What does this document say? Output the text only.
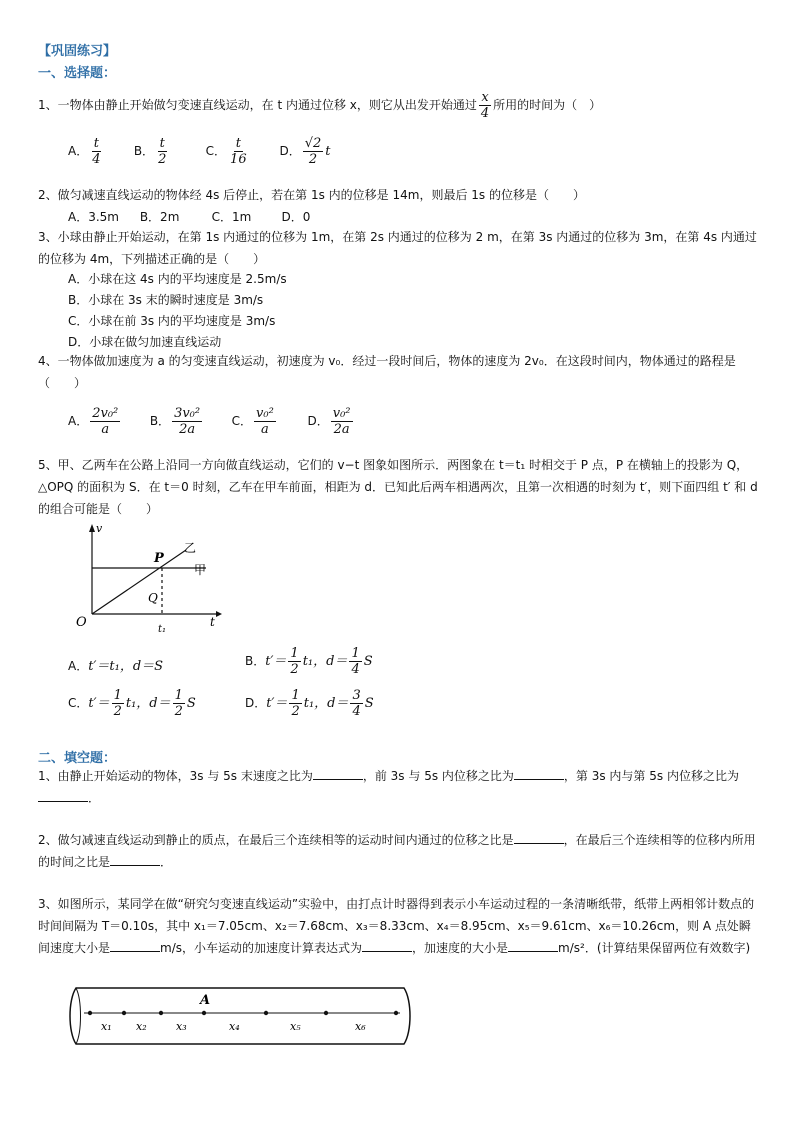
【巩固练习】
一、选择题：
1、一物体由静止开始做匀变速直线运动，在 t 内通过位移 x，则它从出发开始通过 $\frac{x}{4}$ 所用的时间为（　）
A． $\frac{t}{4}$	B． $\frac{t}{2}$	C． $\frac{t}{16}$	D． $\frac{√2}{2}$ t
2、做匀减速直线运动的物体经 4s 后停止，若在第 1s 内的位移是 14m，则最后 1s 的位移是（　　）
A．3.5m B．2m	C．1m	D．0
3、小球由静止开始运动，在第 1s 内通过的位移为 1m，在第 2s 内通过的位移为 2 m，在第 3s 内通过的位移为 3m，在第 4s 内通过的位移为 4m，下列描述正确的是（　　）
A．小球在这 4s 内的平均速度是 2.5m/s
B．小球在 3s 末的瞬时速度是 3m/s
C．小球在前 3s 内的平均速度是 3m/s
D．小球在做匀加速直线运动
4、一物体做加速度为 a 的匀变速直线运动，初速度为 v₀．经过一段时间后，物体的速度为 2v₀．在这段时间内，物体通过的路程是　　（　　）
A． $\frac{\text{2v₀²}}{a}$ B． $\frac{\text{3v₀²}}{2a}$ C． $\frac{\text{v₀²}}{a}$	D． $\frac{\text{v₀²}}{2a}$
5、甲、乙两车在公路上沿同一方向做直线运动，它们的 v−t 图象如图所示．两图象在 t＝t₁ 时相交于 P 点，P 在横轴上的投影为 Q，△OPQ 的面积为 S．在 t＝0 时刻，乙车在甲车前面，相距为 d．已知此后两车相遇两次，且第一次相遇的时刻为 t′，则下面四组 t′ 和 d 的组合可能是（　　）
v
t
O
P
Q
t₁
乙
甲
A．t′＝t₁，d＝S	B．$t'= \frac{1}{2} t_1$，$d= \frac{1}{4}$ S
C．$t'= \frac{1}{2} t_1$，$d= \frac{1}{2}$ S	D．$t'= \frac{1}{2} t_1$，$d= \frac{3}{4}$ S
二、填空题：
1、由静止开始运动的物体，3s 与 5s 末速度之比为	，前 3s 与 5s 内位移之比为	，第 3s 内与第 5s 内位移之比为．
2、做匀减速直线运动到静止的质点，在最后三个连续相等的运动时间内通过的位移之比是	，在最后三个连续相等的位移内所用的时间之比是	．
3、如图所示，某同学在做“研究匀变速直线运动”实验中，由打点计时器得到表示小车运动过程的一条清晰纸带，纸带上两相邻计数点的时间间隔为 T＝0.10s，其中 x₁＝7.05cm、x₂＝7.68cm、x₃＝8.33cm、x₄＝8.95cm、x₅＝9.61cm、x₆＝10.26cm，则 A 点处瞬间速度大小是	m/s，小车运动的加速度计算表达式为	，加速度的大小是	m/s²．(计算结果保留两位有效数字)
A
x₁ x₂	x₃	x₄	x₅	x₆
